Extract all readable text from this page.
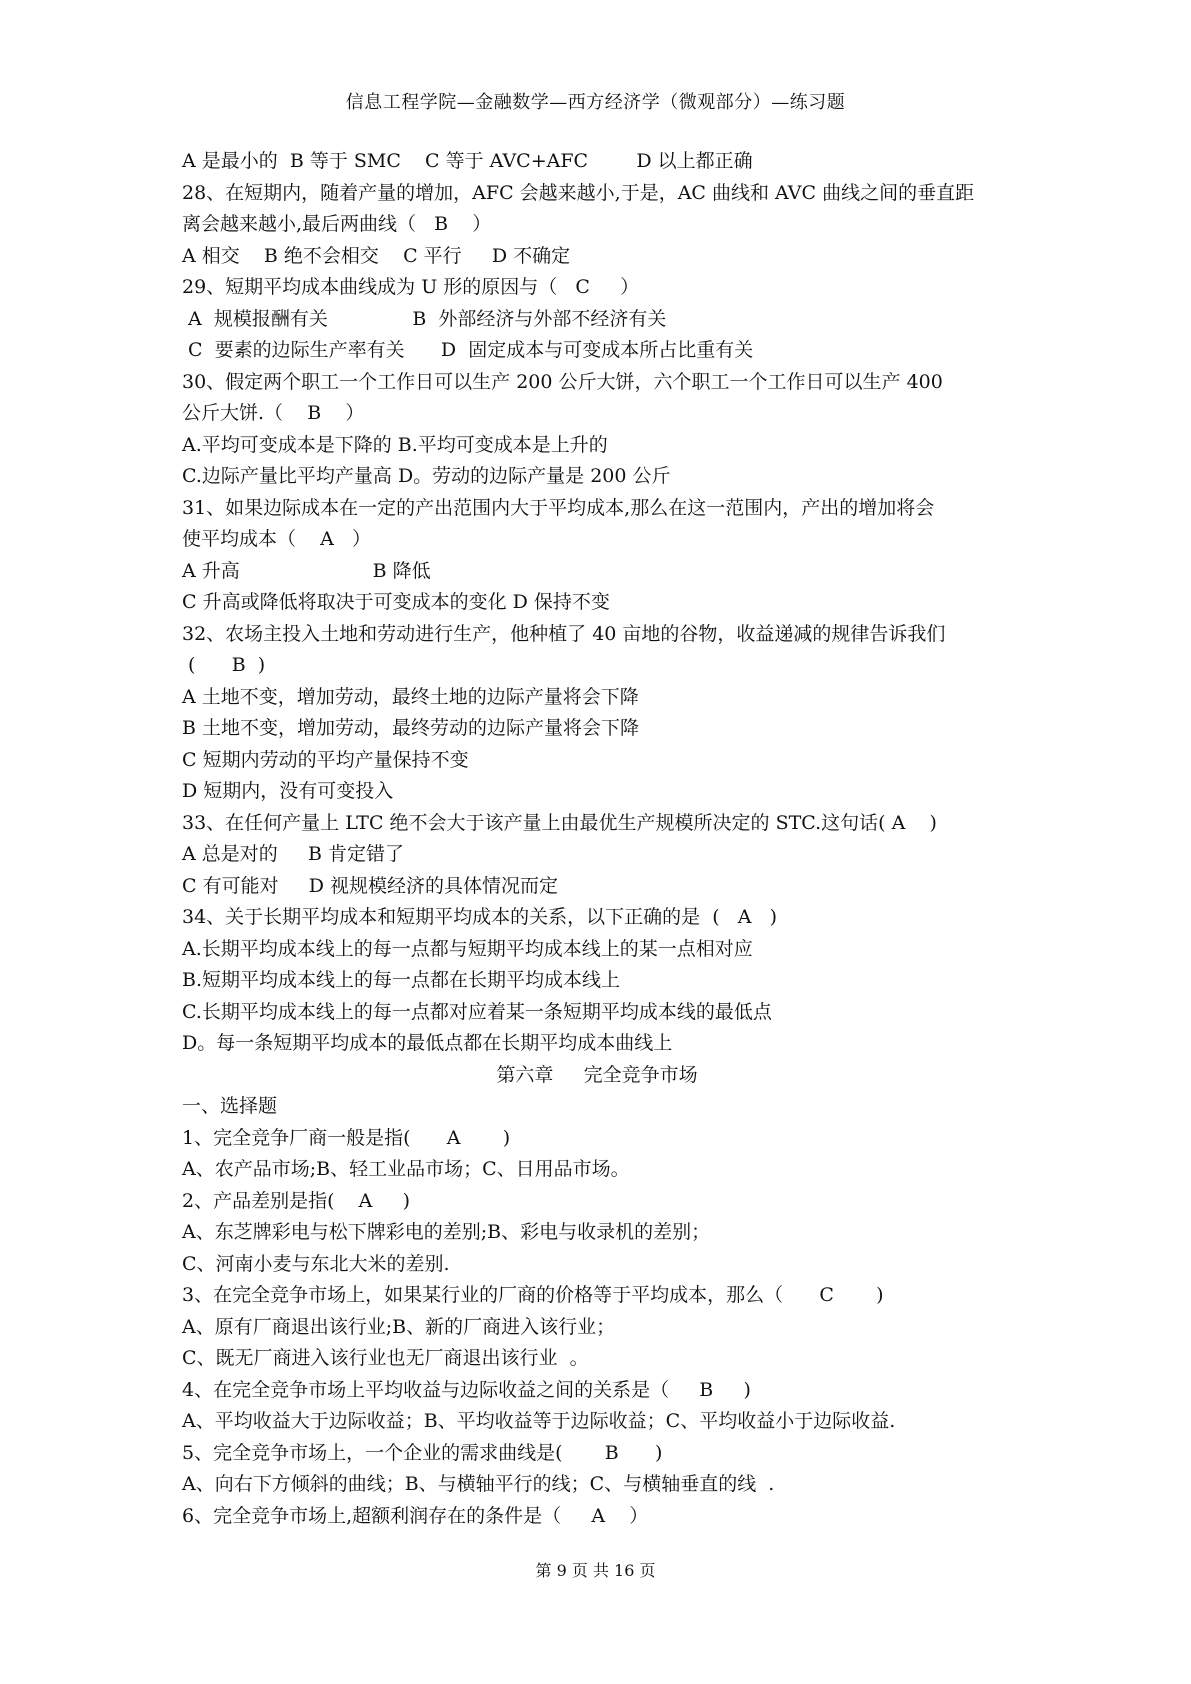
信息工程学院—金融数学—西方经济学（微观部分）—练习题
A 是最小的  B 等于 SMC    C 等于 AVC+AFC        D 以上都正确
28、在短期内，随着产量的增加，AFC 会越来越小,于是，AC 曲线和 AVC 曲线之间的垂直距
离会越来越小,最后两曲线（   B    ）
A 相交    B 绝不会相交    C 平行     D 不确定
29、短期平均成本曲线成为 U 形的原因与（   C     ）
A  规模报酬有关              B  外部经济与外部不经济有关
C  要素的边际生产率有关      D  固定成本与可变成本所占比重有关
30、假定两个职工一个工作日可以生产 200 公斤大饼，六个职工一个工作日可以生产 400
公斤大饼.（    B    ）
A.平均可变成本是下降的 B.平均可变成本是上升的
C.边际产量比平均产量高 D。劳动的边际产量是 200 公斤
31、如果边际成本在一定的产出范围内大于平均成本,那么在这一范围内，产出的增加将会
使平均成本（    A   ）
A 升高                      B 降低
C 升高或降低将取决于可变成本的变化 D 保持不变
32、农场主投入土地和劳动进行生产，他种植了 40 亩地的谷物，收益递减的规律告诉我们
(      B  )
A 土地不变，增加劳动，最终土地的边际产量将会下降
B 土地不变，增加劳动，最终劳动的边际产量将会下降
C 短期内劳动的平均产量保持不变
D 短期内，没有可变投入
33、在任何产量上 LTC 绝不会大于该产量上由最优生产规模所决定的 STC.这句话( A    )
A 总是对的     B 肯定错了
C 有可能对     D 视规模经济的具体情况而定
34、关于长期平均成本和短期平均成本的关系，以下正确的是  (   A   )
A.长期平均成本线上的每一点都与短期平均成本线上的某一点相对应
B.短期平均成本线上的每一点都在长期平均成本线上
C.长期平均成本线上的每一点都对应着某一条短期平均成本线的最低点
D。每一条短期平均成本的最低点都在长期平均成本曲线上
第六章     完全竞争市场
一、选择题
1、完全竞争厂商一般是指(      A       )
A、农产品市场;B、轻工业品市场；C、日用品市场。
2、产品差别是指(    A     )
A、东芝牌彩电与松下牌彩电的差别;B、彩电与收录机的差别；
C、河南小麦与东北大米的差别.
3、在完全竞争市场上，如果某行业的厂商的价格等于平均成本，那么（      C       )
A、原有厂商退出该行业;B、新的厂商进入该行业；
C、既无厂商进入该行业也无厂商退出该行业  。
4、在完全竞争市场上平均收益与边际收益之间的关系是（     B     )
A、平均收益大于边际收益；B、平均收益等于边际收益；C、平均收益小于边际收益.
5、完全竞争市场上，一个企业的需求曲线是(       B      )
A、向右下方倾斜的曲线；B、与横轴平行的线；C、与横轴垂直的线  .
6、完全竞争市场上,超额利润存在的条件是（     A    ）
第 9 页 共 16 页
